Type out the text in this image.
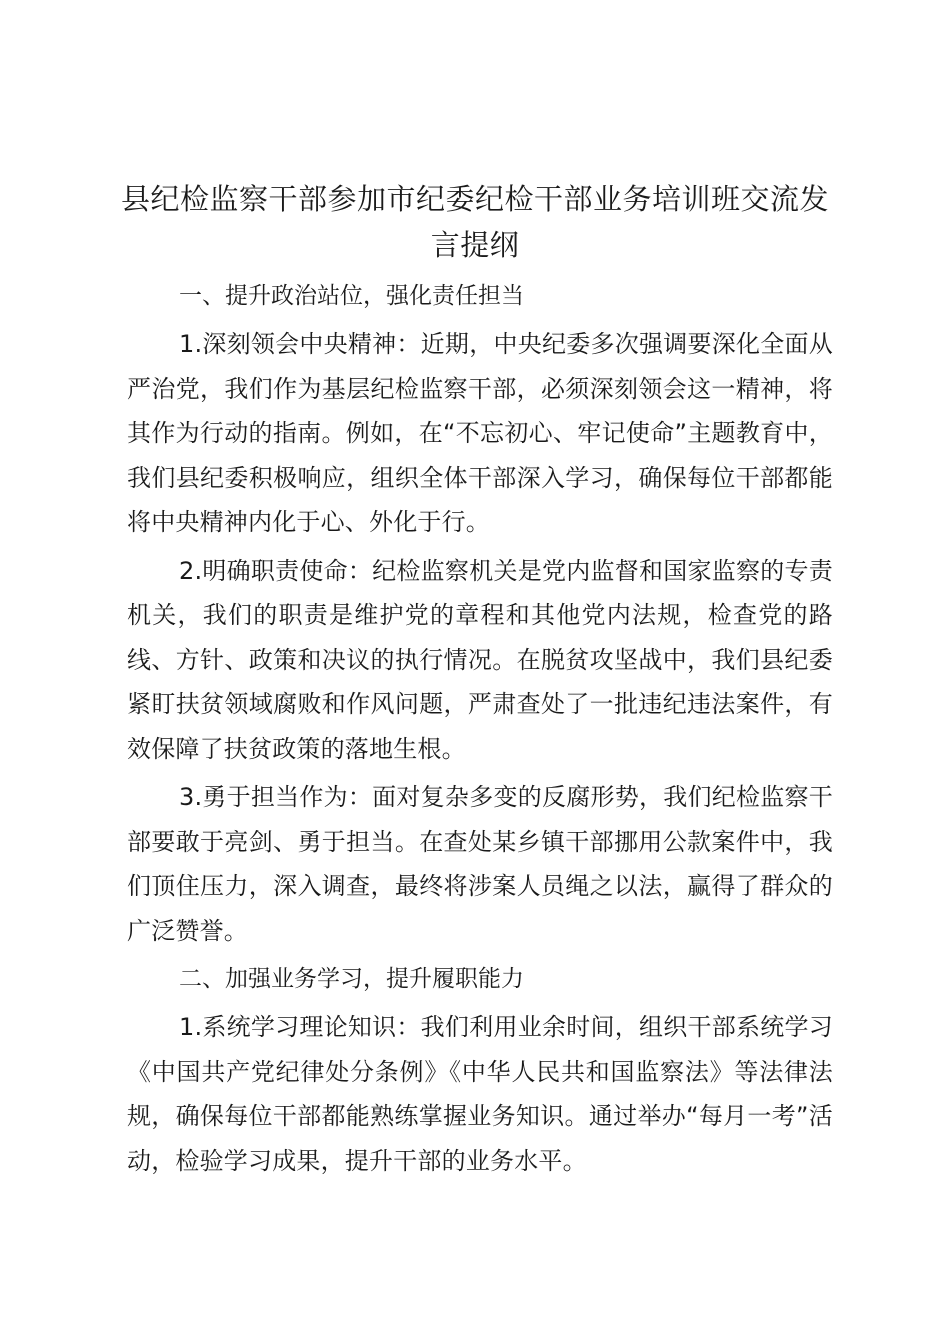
县纪检监察干部参加市纪委纪检干部业务培训班交流发言提纲

一、提升政治站位，强化责任担当

1.深刻领会中央精神：近期，中央纪委多次强调要深化全面从严治党，我们作为基层纪检监察干部，必须深刻领会这一精神，将其作为行动的指南。例如，在“不忘初心、牢记使命”主题教育中，我们县纪委积极响应，组织全体干部深入学习，确保每位干部都能将中央精神内化于心、外化于行。

2.明确职责使命：纪检监察机关是党内监督和国家监察的专责机关，我们的职责是维护党的章程和其他党内法规，检查党的路线、方针、政策和决议的执行情况。在脱贫攻坚战中，我们县纪委紧盯扶贫领域腐败和作风问题，严肃查处了一批违纪违法案件，有效保障了扶贫政策的落地生根。

3.勇于担当作为：面对复杂多变的反腐形势，我们纪检监察干部要敢于亮剑、勇于担当。在查处某乡镇干部挪用公款案件中，我们顶住压力，深入调查，最终将涉案人员绳之以法，赢得了群众的广泛赞誉。

二、加强业务学习，提升履职能力

1.系统学习理论知识：我们利用业余时间，组织干部系统学习《中国共产党纪律处分条例》《中华人民共和国监察法》等法律法规，确保每位干部都能熟练掌握业务知识。通过举办“每月一考”活动，检验学习成果，提升干部的业务水平。
